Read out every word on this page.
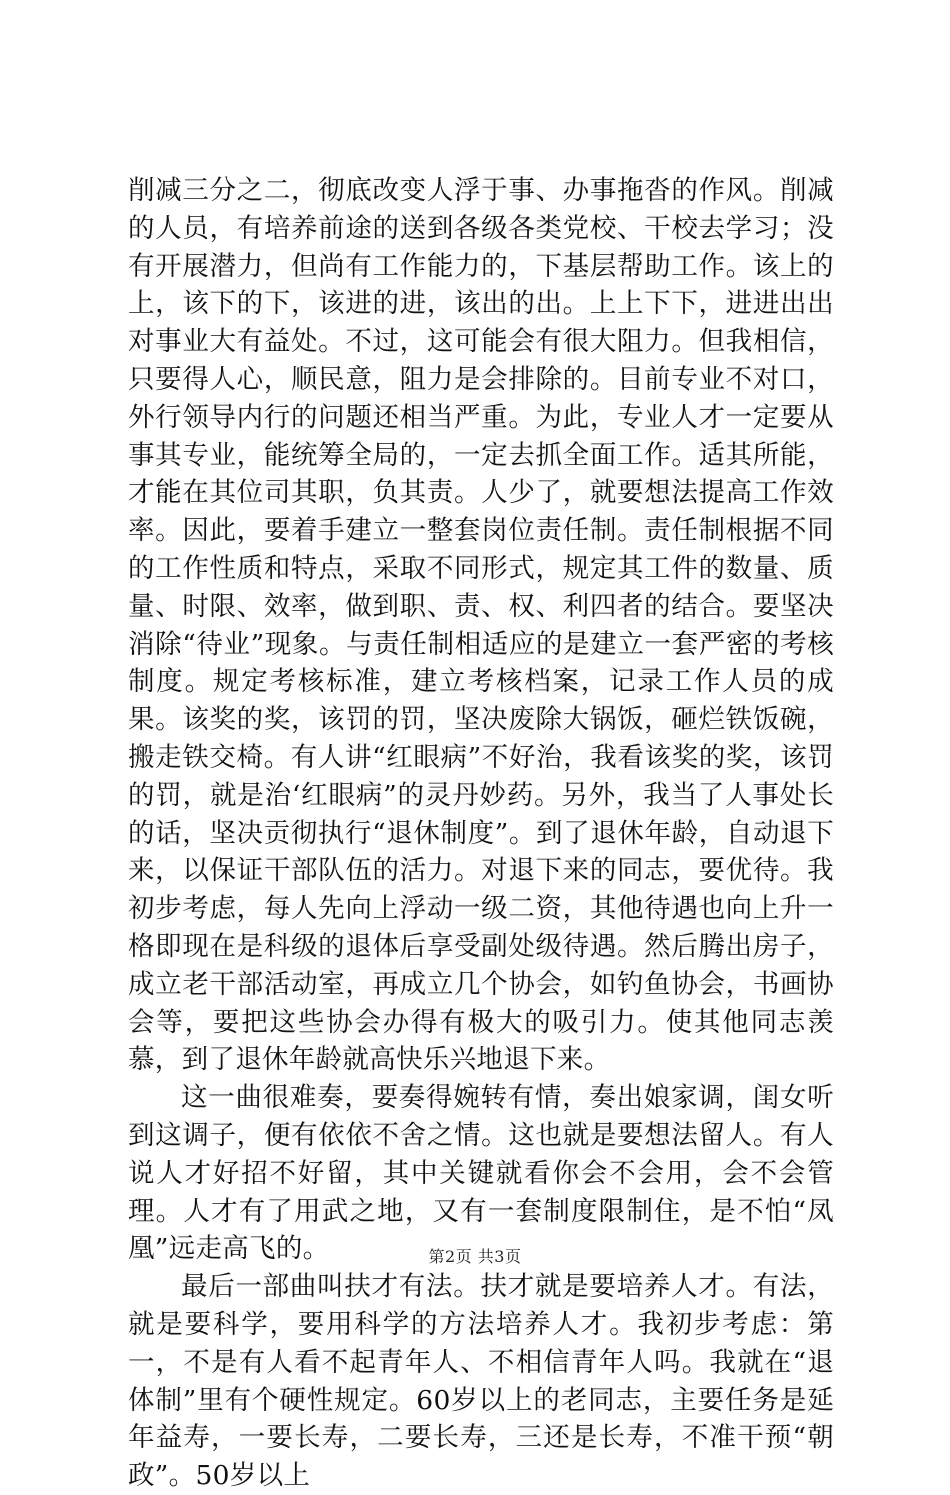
削减三分之二，彻底改变人浮于事、办事拖沓的作风。削减的人员，有培养前途的送到各级各类党校、干校去学习；没有开展潜力，但尚有工作能力的，下基层帮助工作。该上的上，该下的下，该进的进，该出的出。上上下下，进进出出对事业大有益处。不过，这可能会有很大阻力。但我相信，只要得人心，顺民意，阻力是会排除的。目前专业不对口，外行领导内行的问题还相当严重。为此，专业人才一定要从事其专业，能统筹全局的，一定去抓全面工作。适其所能，才能在其位司其职，负其责。人少了，就要想法提高工作效率。因此，要着手建立一整套岗位责任制。责任制根据不同的工作性质和特点，采取不同形式，规定其工件的数量、质量、时限、效率，做到职、责、权、利四者的结合。要坚决消除“待业”现象。与责任制相适应的是建立一套严密的考核制度。规定考核标准，建立考核档案，记录工作人员的成果。该奖的奖，该罚的罚，坚决废除大锅饭，砸烂铁饭碗，搬走铁交椅。有人讲“红眼病”不好治，我看该奖的奖，该罚的罚，就是治‘红眼病”的灵丹妙药。另外，我当了人事处长的话，坚决贡彻执行“退休制度”。到了退休年龄，自动退下来，以保证干部队伍的活力。对退下来的同志，要优待。我初步考虑，每人先向上浮动一级二资，其他待遇也向上升一格即现在是科级的退体后享受副处级待遇。然后腾出房子，成立老干部活动室，再成立几个协会，如钓鱼协会，书画协会等，要把这些协会办得有极大的吸引力。使其他同志羡慕，到了退休年龄就高快乐兴地退下来。

这一曲很难奏，要奏得婉转有情，奏出娘家调，闺女听到这调子，便有依依不舍之情。这也就是要想法留人。有人说人才好招不好留，其中关键就看你会不会用，会不会管理。人才有了用武之地，又有一套制度限制住，是不怕“凤凰”远走高飞的。

最后一部曲叫扶才有法。扶才就是要培养人才。有法，就是要科学，要用科学的方法培养人才。我初步考虑：第一，不是有人看不起青年人、不相信青年人吗。我就在“退体制”里有个硬性规定。60岁以上的老同志，主要任务是延年益寿，一要长寿，二要长寿，三还是长寿，不准干预“朝政”。50岁以上

第2页 共3页
